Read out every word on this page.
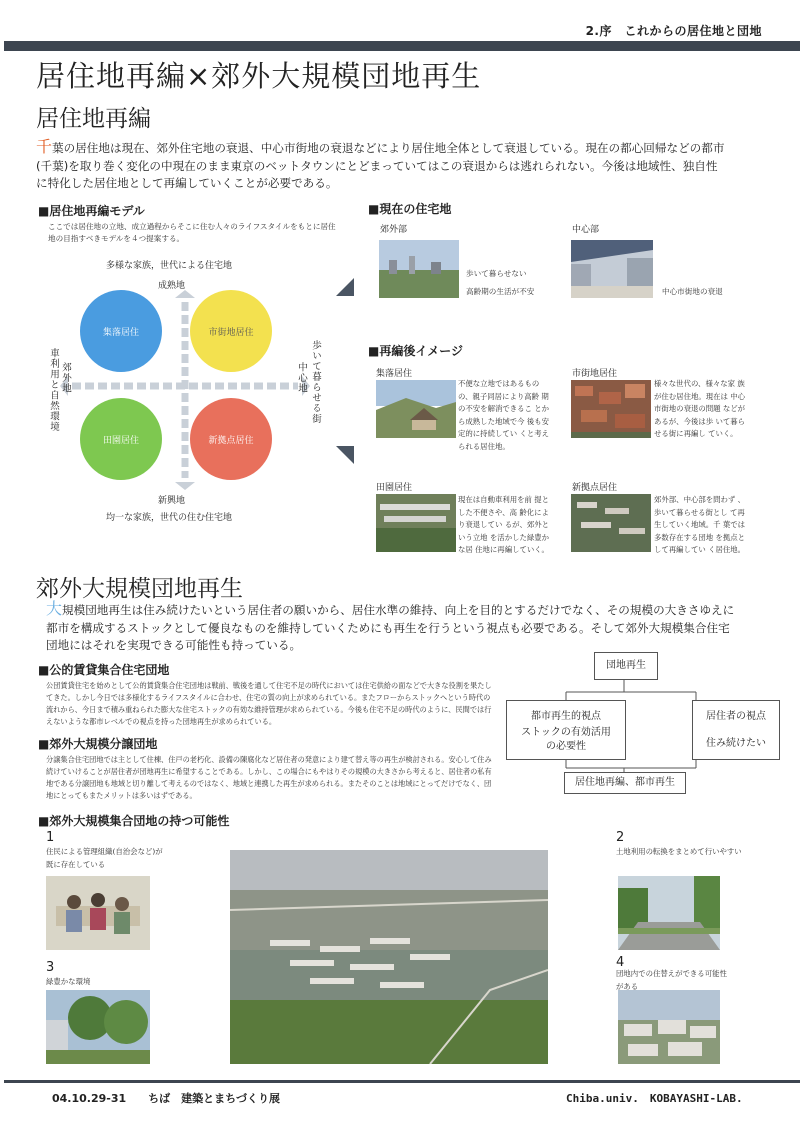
2.序　これからの居住地と団地
居住地再編×郊外大規模団地再生
居住地再編
千葉の居住地は現在、郊外住宅地の衰退、中心市街地の衰退などにより居住地全体として衰退している。現在の都心回帰などの都市(千葉)を取り巻く変化の中現在のまま東京のベットタウンにとどまっていてはこの衰退からは逃れられない。今後は地域性、独自性に特化した居住地として再編していくことが必要である。
■居住地再編モデル
ここでは居住地の立地、成立過程からそこに住む人々のライフスタイルをもとに居住地の目指すべきモデルを４つ提案する。
多様な家族，世代による住宅地
成熟地
新興地
均一な家族，世代の住む住宅地
集落居住	市街地居住
田園居住	新拠点居住
車利用と自然環境 郊外地	中心地 歩いて暮らせる街
■現在の住宅地
郊外部
歩いて暮らせない
高齢期の生活が不安
中心部
中心市街地の衰退
■再編後イメージ
集落居住
不便な立地ではあるもの の、親子同居により高齢 期の不安を解消できるこ とから成熟した地域で今 後も安定的に持続してい くと考えられる居住地。
市街地居住
様々な世代の、様々な家 族が住む居住地。現在は 中心市街地の衰退の問題 などがあるが、今後は歩 いて暮らせる街に再編し ていく。
田園居住
現在は自動車利用を前 提とした不便さや、高 齢化により衰退してい るが、郊外という立地 を活かした緑豊かな居 住地に再編していく。
新拠点居住
郊外部、中心部を問わず 、歩いて暮らせる街とし て再生していく地域。千 葉では多数存在する団地 を拠点として再編してい く居住地。
郊外大規模団地再生
大規模団地再生は住み続けたいという居住者の願いから、居住水準の維持、向上を目的とするだけでなく、その規模の大きさゆえに都市を構成するストックとして優良なものを維持していくためにも再生を行うという視点も必要である。そして郊外大規模集合住宅団地にはそれを実現できる可能性も持っている。
■公的賃貸集合住宅団地
公団賃貸住宅を始めとして公的賃貸集合住宅団地は戦前、戦後を通して住宅不足の時代においては住宅供給の面などで大きな役割を果たしてきた。しかし今日では多様化するライフスタイルに合わせ、住宅の質の向上が求められている。またフローからストックへという時代の流れから、今日まで積み重ねられた膨大な住宅ストックの有効な維持管理が求められている。今後も住宅不足の時代のように、民間では行えないような都市レベルでの視点を持った団地再生が求められている。
■郊外大規模分譲団地
分譲集合住宅団地では主として住棟、住戸の老朽化、設備の陳腐化など居住者の発意により建て替え等の再生が検討される。安心して住み続けていけることが居住者が団地再生に希望することである。しかし、この場合にもやはりその規模の大きさから考えると、居住者の私有地である分譲団地も地域と切り離して考えるのではなく、地域と連携した再生が求められる。またそのことは地域にとってだけでなく、団地にとってもまたメリットは多いはずである。
団地再生
都市再生的視点
ストックの有効活用の必要性
居住者の視点
住み続けたい
居住地再編、都市再生
■郊外大規模集合団地の持つ可能性
1
住民による管理組織(自治会など)が既に存在している
3
緑豊かな環境
2
土地利用の転換をまとめて行いやすい
4
団地内での住替えができる可能性がある
04.10.29-31　　ちば　建築とまちづくり展	Chiba.univ.　KOBAYASHI-LAB.
